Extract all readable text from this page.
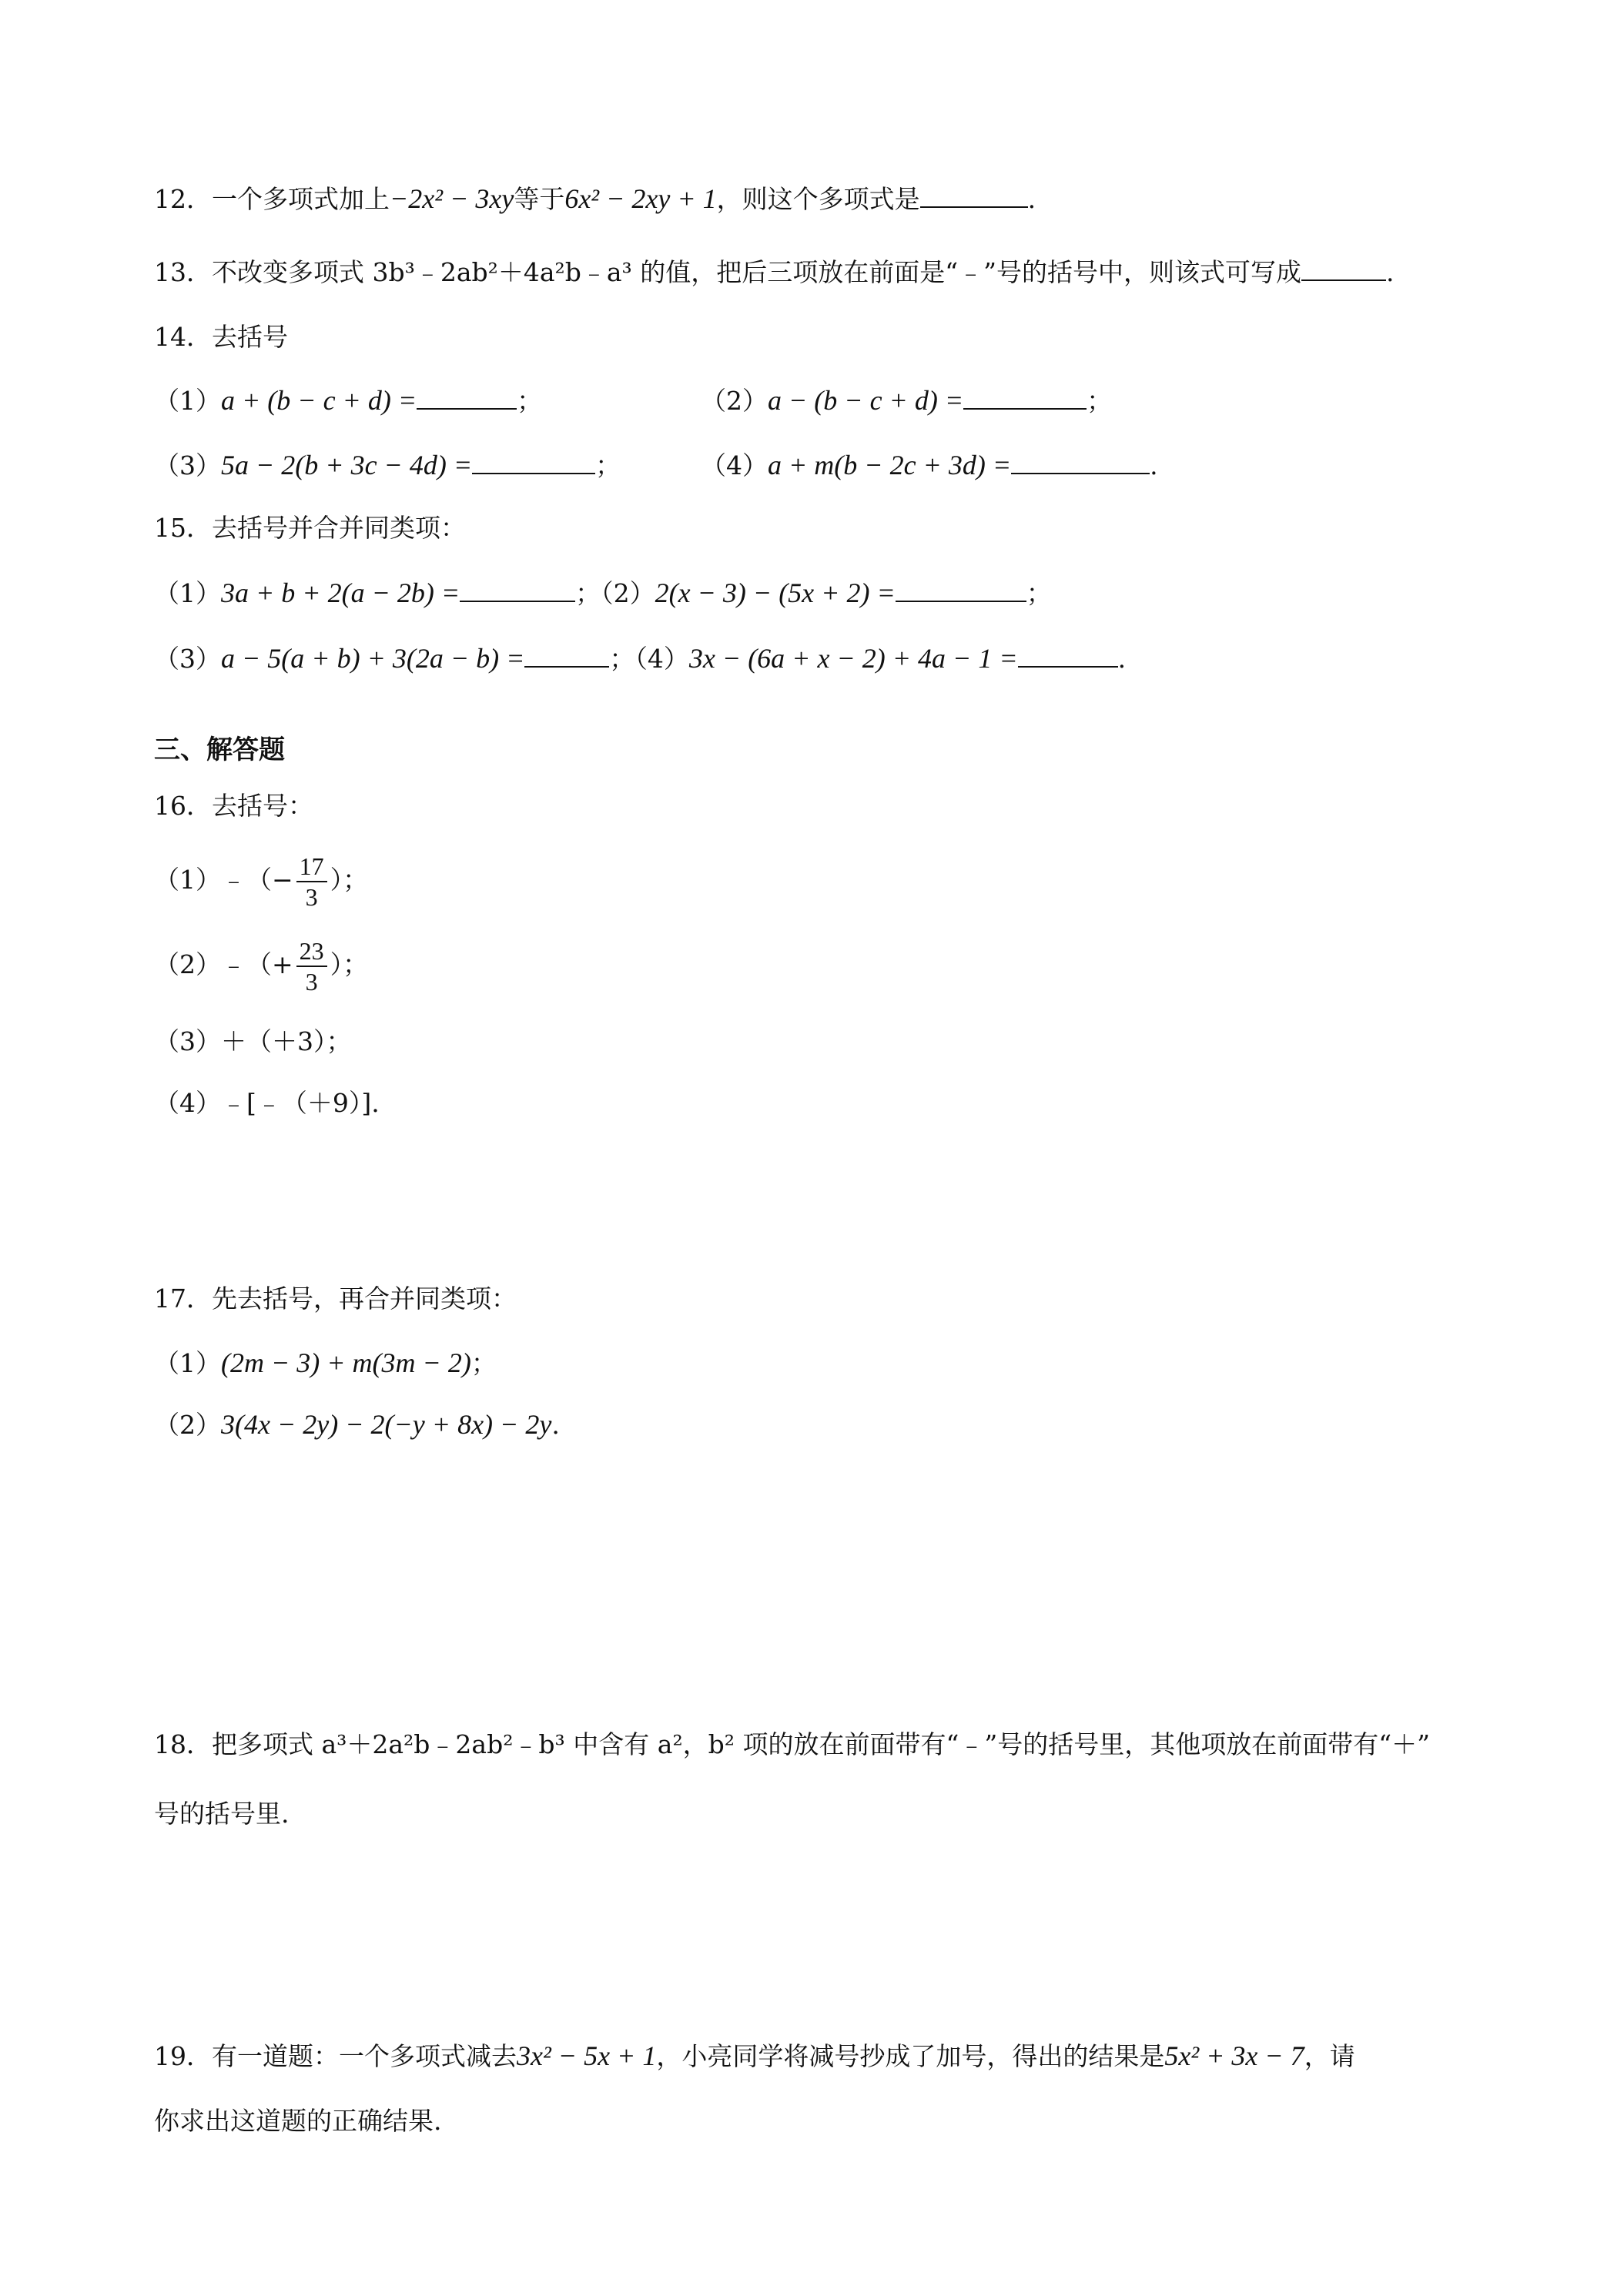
12．一个多项式加上−2x² − 3xy等于6x² − 2xy + 1，则这个多项式是	.
13．不改变多项式 3b³﹣2ab²＋4a²b﹣a³ 的值，把后三项放在前面是“﹣”号的括号中，则该式可写成	.
14．去括号
（1）a + (b − c + d) =	；	（2）a − (b − c + d) =	；
（3）5a − 2(b + 3c − 4d) =	；	（4）a + m(b − 2c + 3d) =	.
15．去括号并合并同类项：
（1）3a + b + 2(a − 2b) =	；（2）2(x − 3) − (5x + 2) =	；
（3）a − 5(a + b) + 3(2a − b) =	；（4）3x − (6a + x − 2) + 4a − 1 =	.
三、解答题
16．去括号：
（1）﹣（− $\frac{17}{3}$ ）；
（2）﹣（+ $\frac{23}{3}$ ）；
（3）＋（＋3）；
（4）﹣[﹣（＋9）].
17．先去括号，再合并同类项：
（1）(2m − 3) + m(3m − 2)；
（2）3(4x − 2y) − 2(−y + 8x) − 2y.
18．把多项式 a³＋2a²b﹣2ab²﹣b³ 中含有 a²，b² 项的放在前面带有“﹣”号的括号里，其他项放在前面带有“＋”
号的括号里.
19．有一道题：一个多项式减去3x² − 5x + 1，小亮同学将减号抄成了加号，得出的结果是5x² + 3x − 7，请
你求出这道题的正确结果.
